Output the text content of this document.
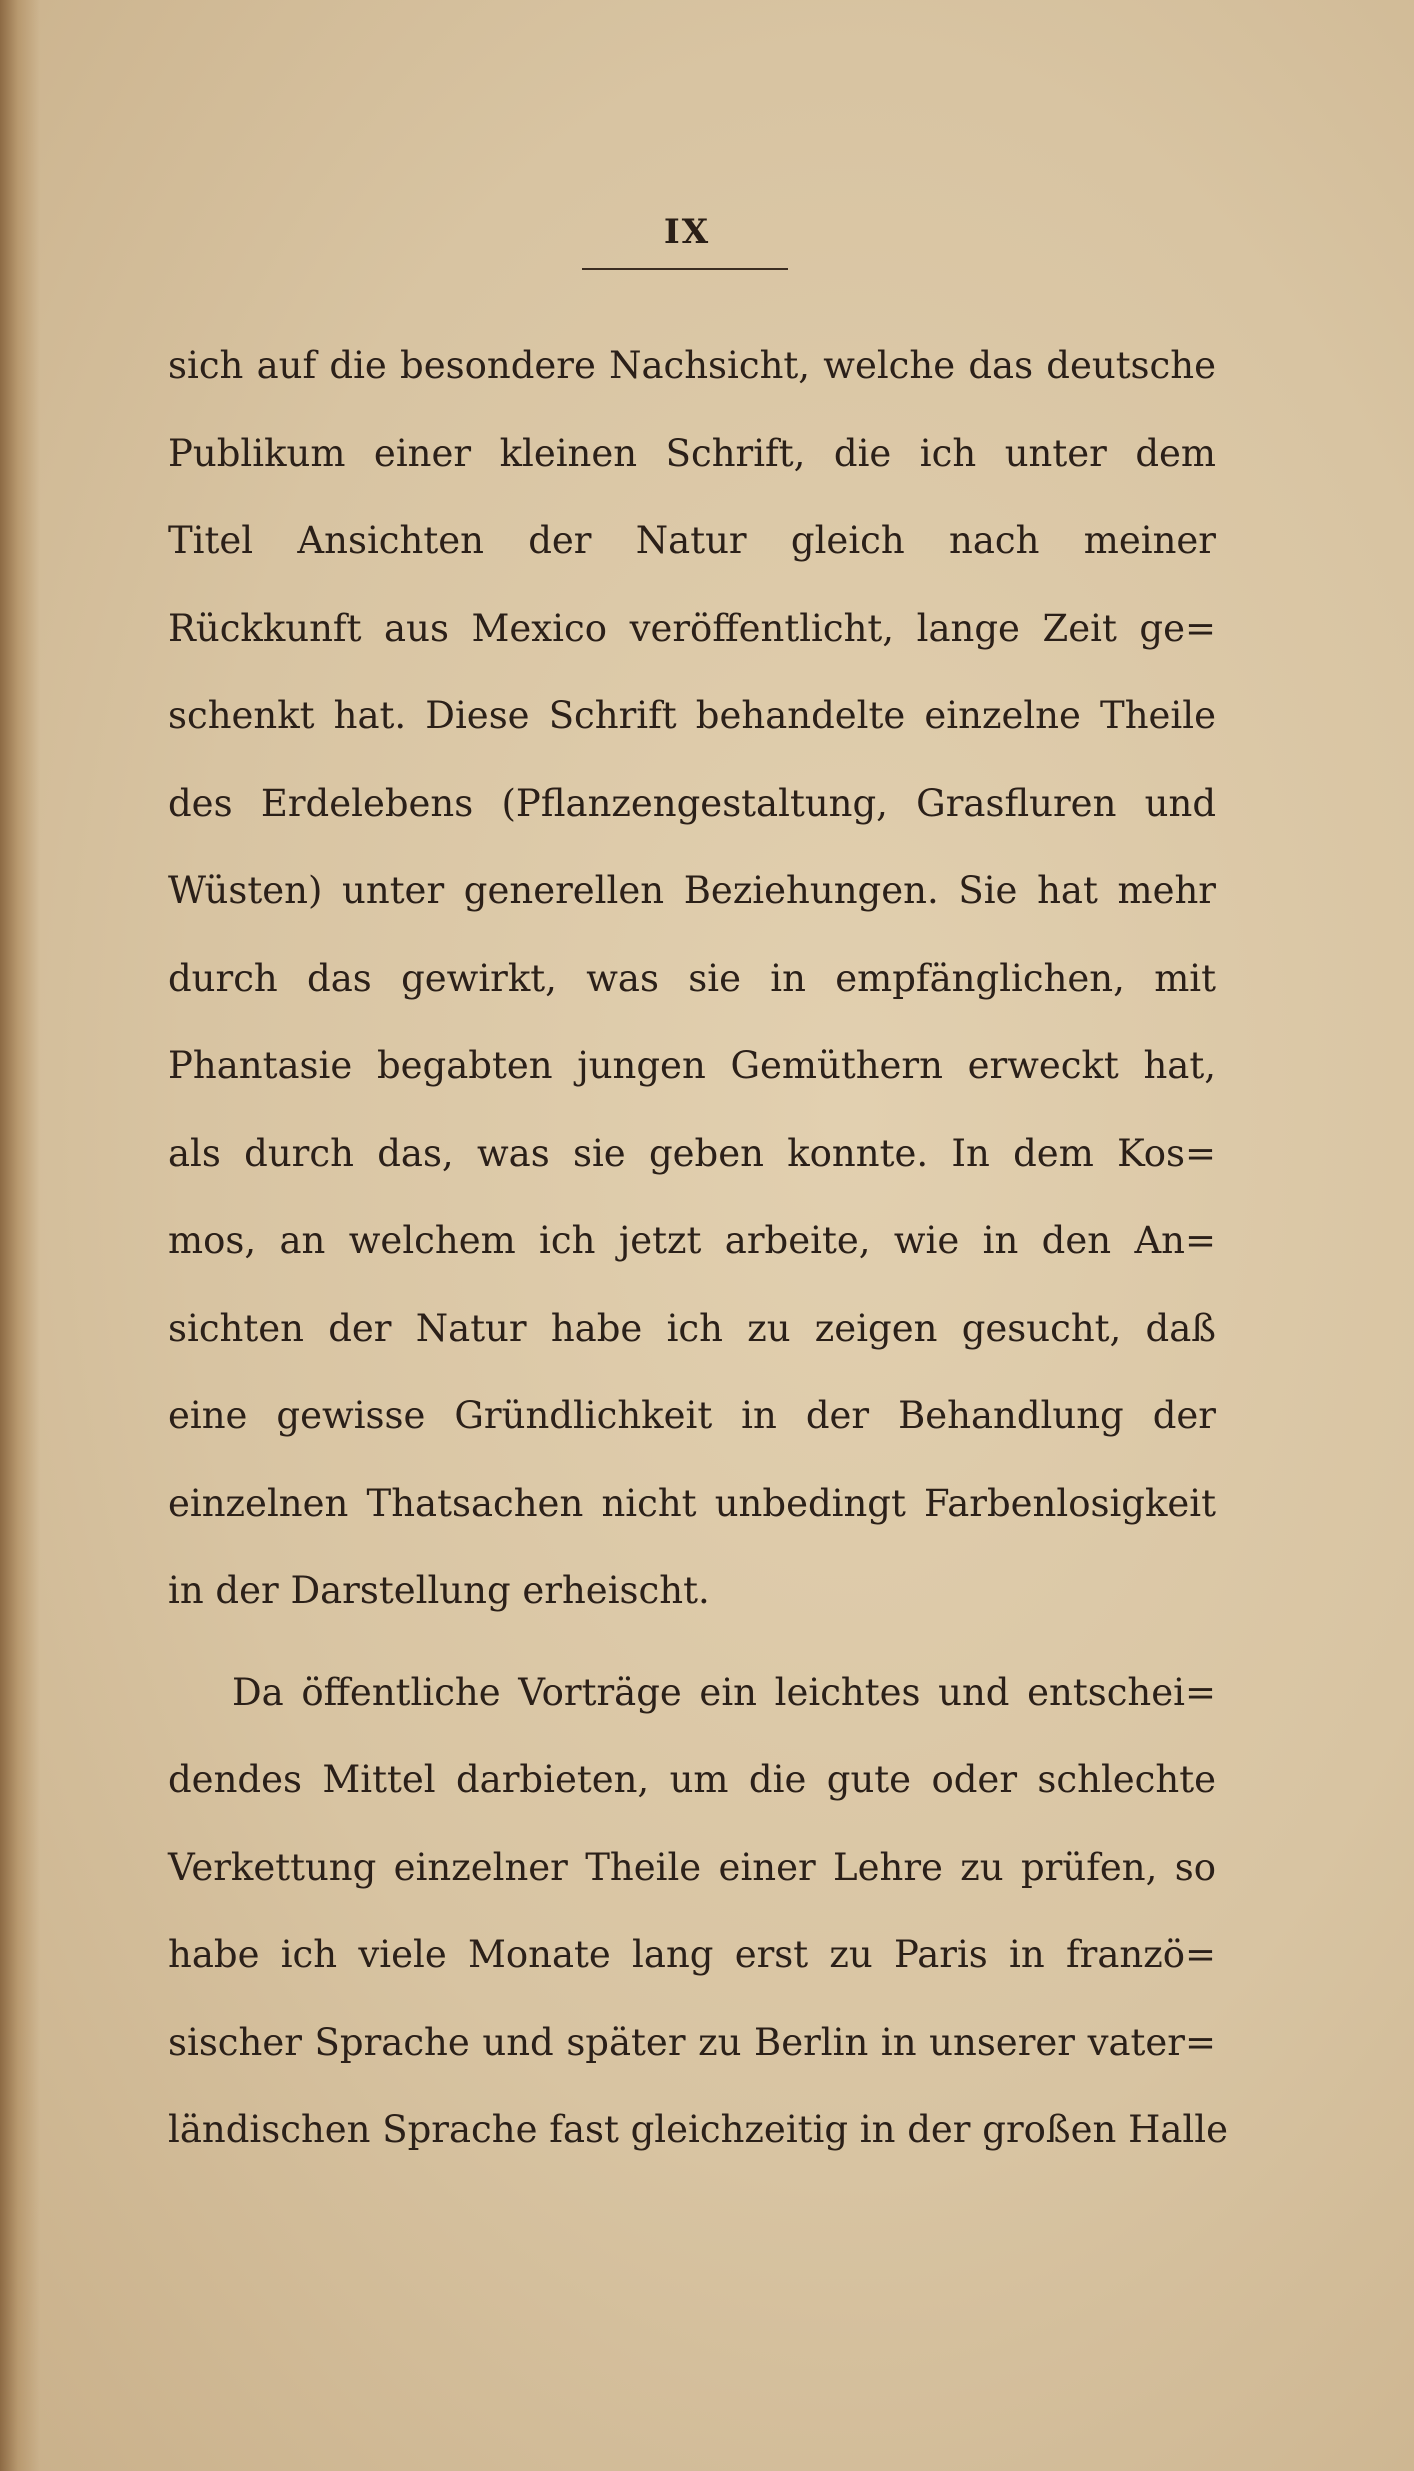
IX
sich auf die besondere Nachsicht, welche das deutsche
Publikum einer kleinen Schrift, die ich unter dem
Titel Ansichten der Natur gleich nach meiner
Rückkunft aus Mexico veröffentlicht, lange Zeit ge=
schenkt hat. Diese Schrift behandelte einzelne Theile
des Erdelebens (Pflanzengestaltung, Grasfluren und
Wüsten) unter generellen Beziehungen. Sie hat mehr
durch das gewirkt, was sie in empfänglichen, mit
Phantasie begabten jungen Gemüthern erweckt hat,
als durch das, was sie geben konnte. In dem Kos=
mos, an welchem ich jetzt arbeite, wie in den An=
sichten der Natur habe ich zu zeigen gesucht, daß
eine gewisse Gründlichkeit in der Behandlung der
einzelnen Thatsachen nicht unbedingt Farbenlosigkeit
in der Darstellung erheischt.
Da öffentliche Vorträge ein leichtes und entschei=
dendes Mittel darbieten, um die gute oder schlechte
Verkettung einzelner Theile einer Lehre zu prüfen, so
habe ich viele Monate lang erst zu Paris in franzö=
sischer Sprache und später zu Berlin in unserer vater=
ländischen Sprache fast gleichzeitig in der großen Halle
